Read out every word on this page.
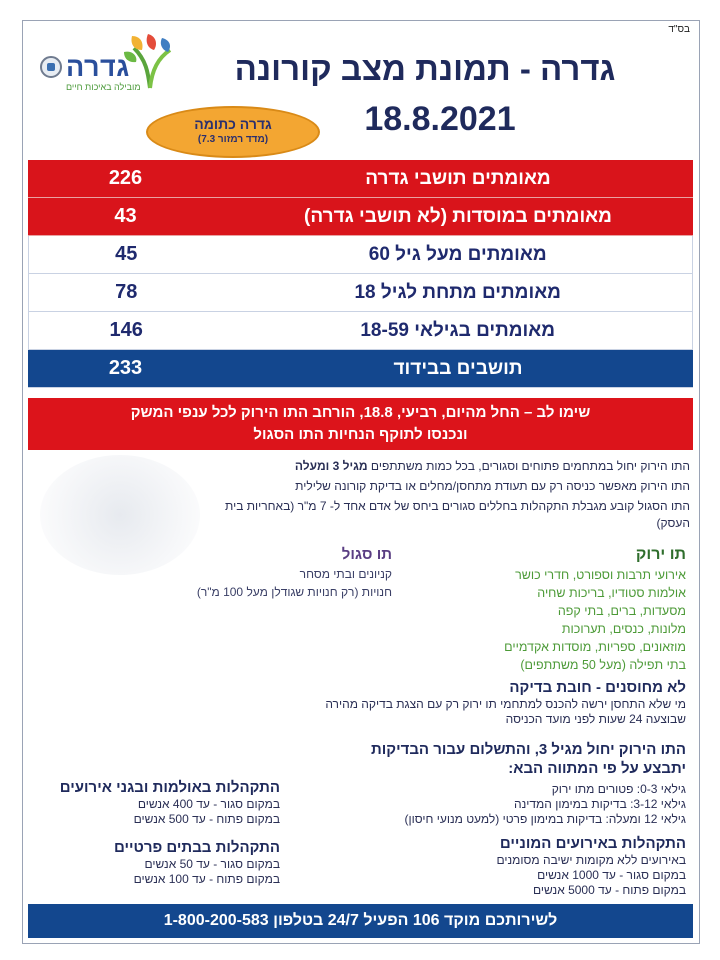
בס"ד
גדרה
מובילה באיכות חיים	גדרה - תמונת מצב קורונה
18.8.2021
גדרה כתומה
(מדד רמזור 7.3)
מאומתים תושבי גדרה
226
מאומתים במוסדות (לא תושבי גדרה)
43
מאומתים מעל גיל 60
45
מאומתים מתחת לגיל 18
78
מאומתים בגילאי 18-59
146
תושבים בבידוד
233
שימו לב – החל מהיום, רביעי, 18.8, הורחב התו הירוק לכל ענפי המשק
ונכנסו לתוקף הנחיות התו הסגול

התו הירוק יחול במתחמים פתוחים וסגורים, בכל כמות משתתפים מגיל 3 ומעלה

התו הירוק מאפשר כניסה רק עם תעודת מתחסן/מחלים או בדיקת קורונה שלילית

התו הסגול קובע מגבלת התקהלות בחללים סגורים ביחס של אדם אחד ל- 7 מ"ר (באחריות בית העסק)

תו ירוק
אירועי תרבות וספורט, חדרי כושר
אולמות סטודיו, בריכות שחיה
מסעדות, ברים, בתי קפה
מלונות, כנסים, תערוכות
מוזאונים, ספריות, מוסדות אקדמיים
בתי תפילה (מעל 50 משתתפים)
תו סגול
קניונים ובתי מסחר
חנויות (רק חנויות שגודלן מעל 100 מ"ר)
לא מחוסנים - חובת בדיקה
מי שלא התחסן ירשה להכנס למתחמי תו ירוק רק עם הצגת בדיקה מהירה
שבוצעה 24 שעות לפני מועד הכניסה
התו הירוק יחול מגיל 3, והתשלום עבור הבדיקות
יתבצע על פי המתווה הבא:
גילאי 0-3: פטורים מתו ירוק
גילאי 3-12: בדיקות במימון המדינה
גילאי 12 ומעלה: בדיקות במימון פרטי (למעט מנועי חיסון)
התקהלות באולמות ובגני אירועים
במקום סגור - עד 400 אנשים
במקום פתוח - עד 500 אנשים
התקהלות בבתים פרטיים
במקום סגור - עד 50 אנשים
במקום פתוח - עד 100 אנשים
התקהלות באירועים המוניים
באירועים ללא מקומות ישיבה מסומנים
במקום סגור - עד 1000 אנשים
במקום פתוח - עד 5000 אנשים
לשירותכם מוקד 106 הפעיל 24/7 בטלפון 1-800-200-583
